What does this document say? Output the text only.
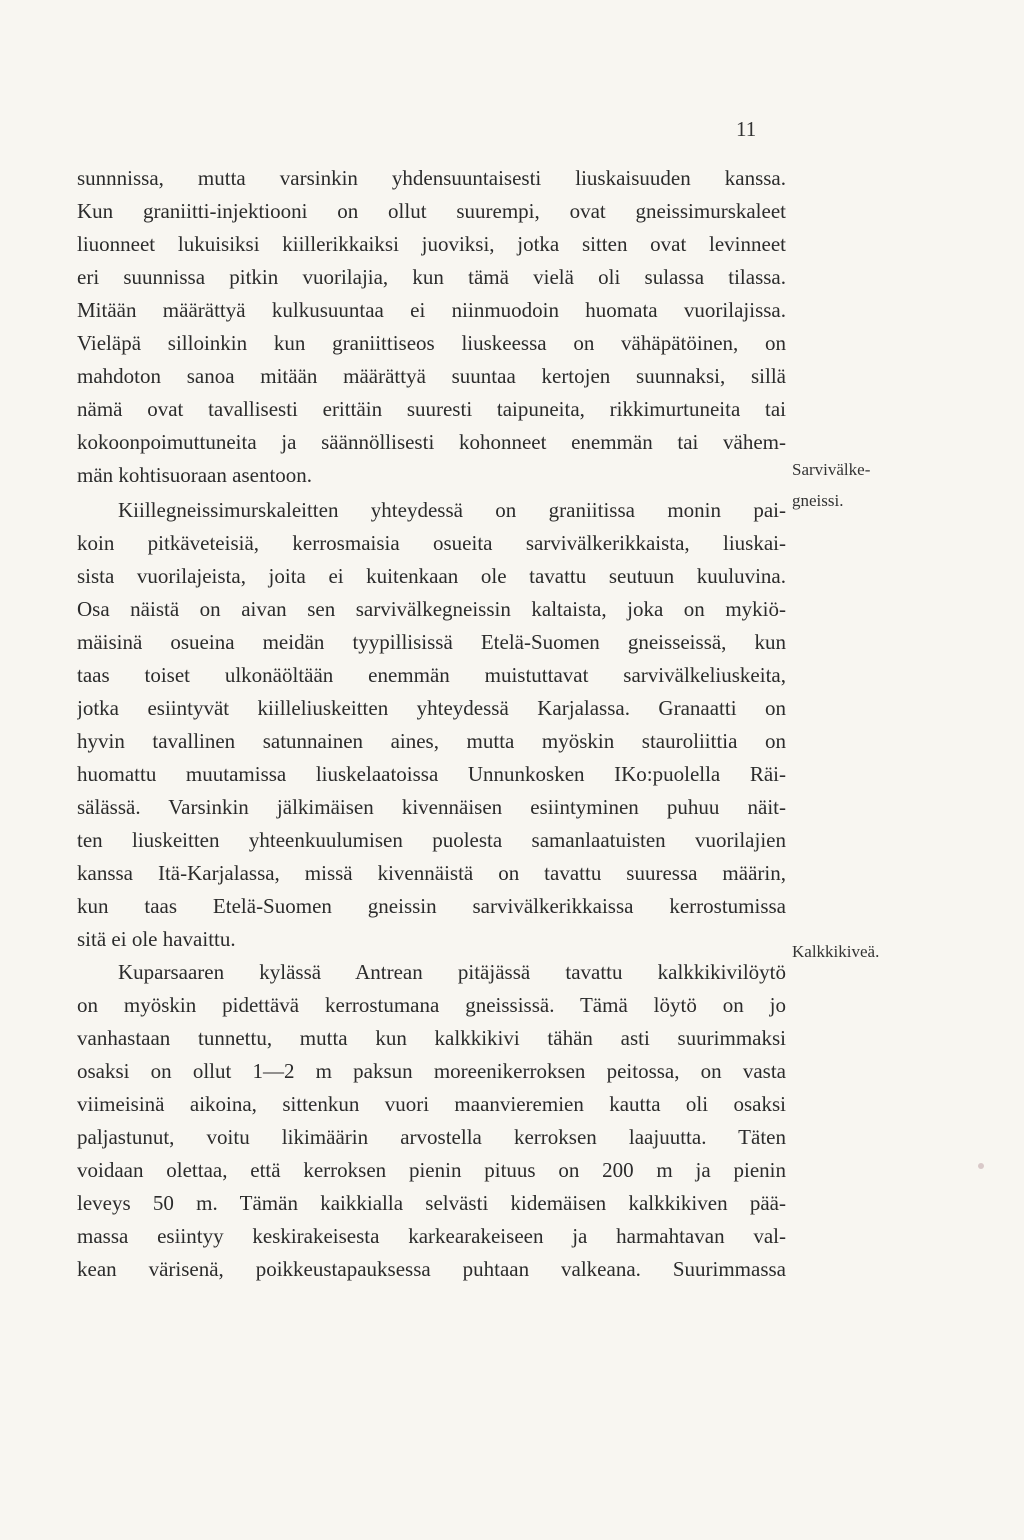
11
Sarvivälke-
gneissi.
Kalkkikiveä.
sunnnissa, mutta varsinkin yhdensuuntaisesti liuskaisuuden kanssa.
Kun graniitti-injektiooni on ollut suurempi, ovat gneissimurskaleet
liuonneet lukuisiksi kiillerikkaiksi juoviksi, jotka sitten ovat levinneet
eri suunnissa pitkin vuorilajia, kun tämä vielä oli sulassa tilassa.
Mitään määrättyä kulkusuuntaa ei niinmuodoin huomata vuorilajissa.
Vieläpä silloinkin kun graniittiseos liuskeessa on vähäpätöinen, on
mahdoton sanoa mitään määrättyä suuntaa kertojen suunnaksi, sillä
nämä ovat tavallisesti erittäin suuresti taipuneita, rikkimurtuneita tai
kokoonpoimuttuneita ja säännöllisesti kohonneet enemmän tai vähem-
män kohtisuoraan asentoon.
Kiillegneissimurskaleitten yhteydessä on graniitissa monin pai-
koin pitkäveteisiä, kerrosmaisia osueita sarvivälkerikkaista, liuskai-
sista vuorilajeista, joita ei kuitenkaan ole tavattu seutuun kuuluvina.
Osa näistä on aivan sen sarvivälkegneissin kaltaista, joka on mykiö-
mäisinä osueina meidän tyypillisissä Etelä-Suomen gneisseissä, kun
taas toiset ulkonäöltään enemmän muistuttavat sarvivälkeliuskeita,
jotka esiintyvät kiilleliuskeitten yhteydessä Karjalassa. Granaatti on
hyvin tavallinen satunnainen aines, mutta myöskin stauroliittia on
huomattu muutamissa liuskelaatoissa Unnunkosken IKo:puolella Räi-
sälässä. Varsinkin jälkimäisen kivennäisen esiintyminen puhuu näit-
ten liuskeitten yhteenkuulumisen puolesta samanlaatuisten vuorilajien
kanssa Itä-Karjalassa, missä kivennäistä on tavattu suuressa määrin,
kun taas Etelä-Suomen gneissin sarvivälkerikkaissa kerrostumissa
sitä ei ole havaittu.
Kuparsaaren kylässä Antrean pitäjässä tavattu kalkkikivilöytö
on myöskin pidettävä kerrostumana gneississä. Tämä löytö on jo
vanhastaan tunnettu, mutta kun kalkkikivi tähän asti suurimmaksi
osaksi on ollut 1—2 m paksun moreenikerroksen peitossa, on vasta
viimeisinä aikoina, sittenkun vuori maanvieremien kautta oli osaksi
paljastunut, voitu likimäärin arvostella kerroksen laajuutta. Täten
voidaan olettaa, että kerroksen pienin pituus on 200 m ja pienin
leveys 50 m. Tämän kaikkialla selvästi kidemäisen kalkkikiven pää-
massa esiintyy keskirakeisesta karkearakeiseen ja harmahtavan val-
kean värisenä, poikkeustapauksessa puhtaan valkeana. Suurimmassa
